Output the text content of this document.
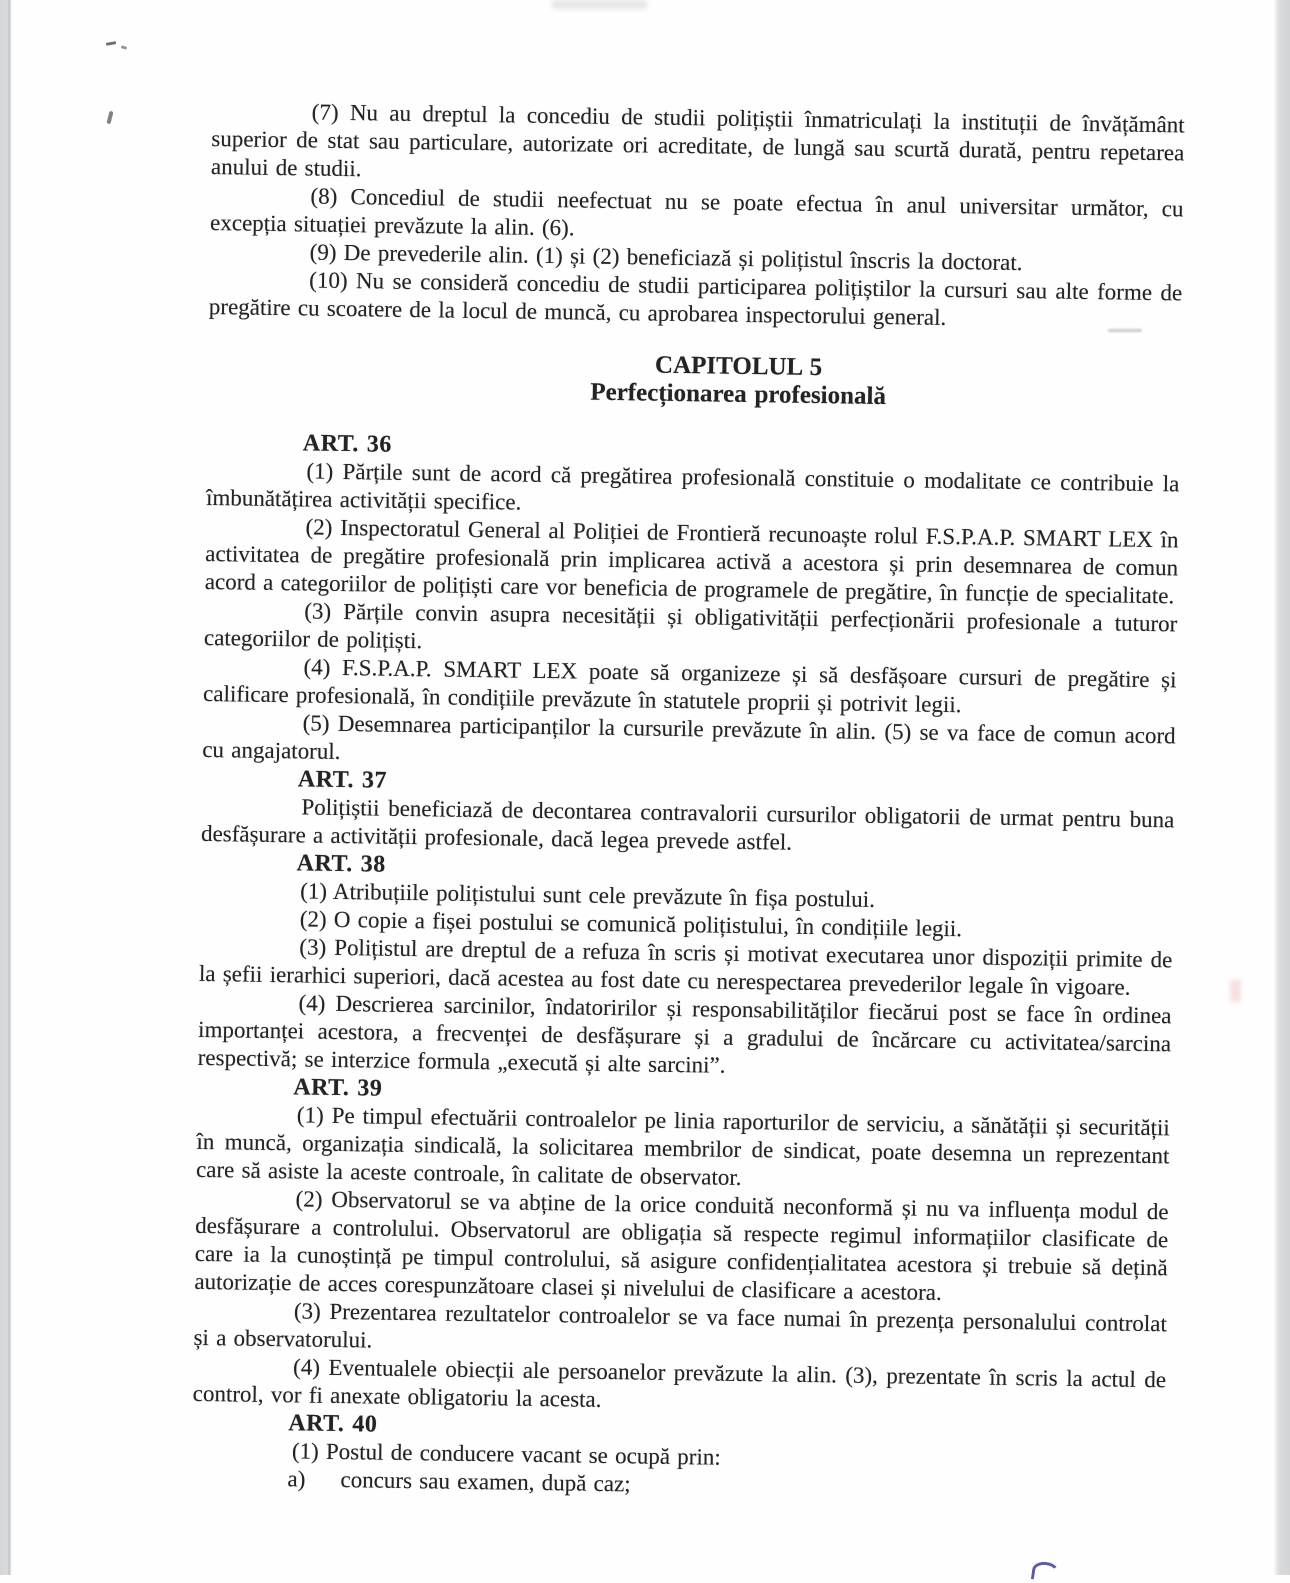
(7) Nu au dreptul la concediu de studii polițiștii înmatriculați la instituții de învățământ superior de stat sau particulare, autorizate ori acreditate, de lungă sau scurtă durată, pentru repetarea anului de studii.

(8) Concediul de studii neefectuat nu se poate efectua în anul universitar următor, cu excepția situației prevăzute la alin. (6).

(9) De prevederile alin. (1) și (2) beneficiază și polițistul înscris la doctorat.

(10) Nu se consideră concediu de studii participarea polițiștilor la cursuri sau alte forme de pregătire cu scoatere de la locul de muncă, cu aprobarea inspectorului general.

CAPITOLUL 5

Perfecționarea profesională

ART. 36

(1) Părțile sunt de acord că pregătirea profesională constituie o modalitate ce contribuie la îmbunătățirea activității specifice.

(2) Inspectoratul General al Poliției de Frontieră recunoaște rolul F.S.P.A.P. SMART LEX în activitatea de pregătire profesională prin implicarea activă a acestora și prin desemnarea de comun acord a categoriilor de polițiști care vor beneficia de programele de pregătire, în funcție de specialitate.

(3) Părțile convin asupra necesității și obligativității perfecționării profesionale a tuturor categoriilor de polițiști.

(4) F.S.P.A.P. SMART LEX poate să organizeze și să desfășoare cursuri de pregătire și calificare profesională, în condițiile prevăzute în statutele proprii și potrivit legii.

(5) Desemnarea participanților la cursurile prevăzute în alin. (5) se va face de comun acord cu angajatorul.

ART. 37

Polițiștii beneficiază de decontarea contravalorii cursurilor obligatorii de urmat pentru buna desfășurare a activității profesionale, dacă legea prevede astfel.

ART. 38

(1) Atribuțiile polițistului sunt cele prevăzute în fișa postului.

(2) O copie a fișei postului se comunică polițistului, în condițiile legii.

(3) Polițistul are dreptul de a refuza în scris și motivat executarea unor dispoziții primite de la șefii ierarhici superiori, dacă acestea au fost date cu nerespectarea prevederilor legale în vigoare.

(4) Descrierea sarcinilor, îndatoririlor și responsabilităților fiecărui post se face în ordinea importanței acestora, a frecvenței de desfășurare și a gradului de încărcare cu activitatea/sarcina respectivă; se interzice formula „execută și alte sarcini”.

ART. 39

(1) Pe timpul efectuării controalelor pe linia raporturilor de serviciu, a sănătății și securității în muncă, organizația sindicală, la solicitarea membrilor de sindicat, poate desemna un reprezentant care să asiste la aceste controale, în calitate de observator.

(2) Observatorul se va abține de la orice conduită neconformă și nu va influența modul de desfășurare a controlului. Observatorul are obligația să respecte regimul informațiilor clasificate de care ia la cunoștință pe timpul controlului, să asigure confidențialitatea acestora și trebuie să dețină autorizație de acces corespunzătoare clasei și nivelului de clasificare a acestora.

(3) Prezentarea rezultatelor controalelor se va face numai în prezența personalului controlat și a observatorului.

(4) Eventualele obiecții ale persoanelor prevăzute la alin. (3), prezentate în scris la actul de control, vor fi anexate obligatoriu la acesta.

ART. 40

(1) Postul de conducere vacant se ocupă prin:

a)	concurs sau examen, după caz;
